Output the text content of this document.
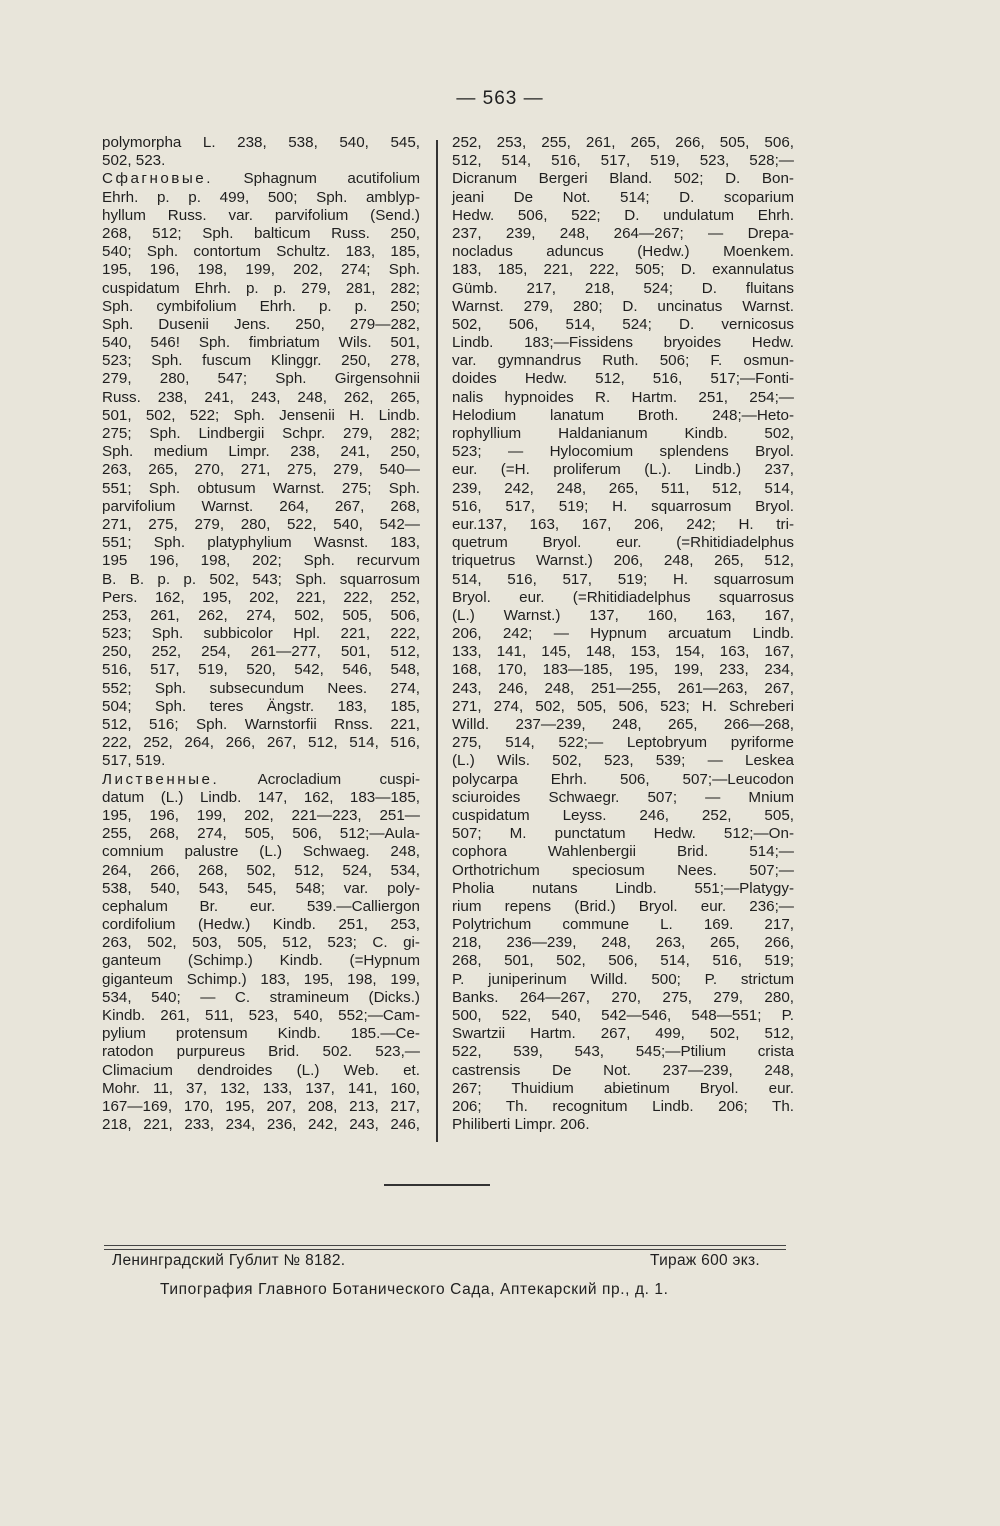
— 563 —
polymorpha L. 238, 538, 540, 545,
502, 523.
Сфагновые. Sphagnum acutifolium
Ehrh. p. p. 499, 500; Sph. amblyp-
hyllum Russ. var. parvifolium (Send.)
268, 512; Sph. balticum Russ. 250,
540; Sph. contortum Schultz. 183, 185,
195, 196, 198, 199, 202, 274; Sph.
cuspidatum Ehrh. p. p. 279, 281, 282;
Sph. cymbifolium Ehrh. p. p. 250;
Sph. Dusenii Jens. 250, 279—282,
540, 546! Sph. fimbriatum Wils. 501,
523; Sph. fuscum Klinggr. 250, 278,
279, 280, 547; Sph. Girgensohnii
Russ. 238, 241, 243, 248, 262, 265,
501, 502, 522; Sph. Jensenii H. Lindb.
275; Sph. Lindbergii Schpr. 279, 282;
Sph. medium Limpr. 238, 241, 250,
263, 265, 270, 271, 275, 279, 540—
551; Sph. obtusum Warnst. 275; Sph.
parvifolium Warnst. 264, 267, 268,
271, 275, 279, 280, 522, 540, 542—
551; Sph. platyphylium Wasnst. 183,
195 196, 198, 202; Sph. recurvum
B. B. p. p. 502, 543; Sph. squarrosum
Pers. 162, 195, 202, 221, 222, 252,
253, 261, 262, 274, 502, 505, 506,
523; Sph. subbicolor Hpl. 221, 222,
250, 252, 254, 261—277, 501, 512,
516, 517, 519, 520, 542, 546, 548,
552; Sph. subsecundum Nees. 274,
504; Sph. teres Ängstr. 183, 185,
512, 516; Sph. Warnstorfii Rnss. 221,
222, 252, 264, 266, 267, 512, 514, 516,
517, 519.
Лиственные. Acrocladium cuspi-
datum (L.) Lindb. 147, 162, 183—185,
195, 196, 199, 202, 221—223, 251—
255, 268, 274, 505, 506, 512;—Aula-
comnium palustre (L.) Schwaeg. 248,
264, 266, 268, 502, 512, 524, 534,
538, 540, 543, 545, 548; var. poly-
cephalum Br. eur. 539.—Calliergon
cordifolium (Hedw.) Kindb. 251, 253,
263, 502, 503, 505, 512, 523; C. gi-
ganteum (Schimp.) Kindb. (=Hypnum
giganteum Schimp.) 183, 195, 198, 199,
534, 540; — C. stramineum (Dicks.)
Kindb. 261, 511, 523, 540, 552;—Cam-
pylium protensum Kindb. 185.—Ce-
ratodon purpureus Brid. 502. 523,—
Climacium dendroides (L.) Web. et.
Mohr. 11, 37, 132, 133, 137, 141, 160,
167—169, 170, 195, 207, 208, 213, 217,
218, 221, 233, 234, 236, 242, 243, 246,
252, 253, 255, 261, 265, 266, 505, 506,
512, 514, 516, 517, 519, 523, 528;—
Dicranum Bergeri Bland. 502; D. Bon-
jeani De Not. 514; D. scoparium
Hedw. 506, 522; D. undulatum Ehrh.
237, 239, 248, 264—267; — Drepa-
nocladus aduncus (Hedw.) Moenkem.
183, 185, 221, 222, 505; D. exannulatus
Gümb. 217, 218, 524; D. fluitans
Warnst. 279, 280; D. uncinatus Warnst.
502, 506, 514, 524; D. vernicosus
Lindb. 183;—Fissidens bryoides Hedw.
var. gymnandrus Ruth. 506; F. osmun-
doides Hedw. 512, 516, 517;—Fonti-
nalis hypnoides R. Hartm. 251, 254;—
Helodium lanatum Broth. 248;—Heto-
rophyllium Haldanianum Kindb. 502,
523; — Hylocomium splendens Bryol.
eur. (=H. proliferum (L.). Lindb.) 237,
239, 242, 248, 265, 511, 512, 514,
516, 517, 519; H. squarrosum Bryol.
eur.137, 163, 167, 206, 242; H. tri-
quetrum Bryol. eur. (=Rhitidiadelphus
triquetrus Warnst.) 206, 248, 265, 512,
514, 516, 517, 519; H. squarrosum
Bryol. eur. (=Rhitidiadelphus squarrosus
(L.) Warnst.) 137, 160, 163, 167,
206, 242; — Hypnum arcuatum Lindb.
133, 141, 145, 148, 153, 154, 163, 167,
168, 170, 183—185, 195, 199, 233, 234,
243, 246, 248, 251—255, 261—263, 267,
271, 274, 502, 505, 506, 523; H. Schreberi
Willd. 237—239, 248, 265, 266—268,
275, 514, 522;— Leptobryum pyriforme
(L.) Wils. 502, 523, 539; — Leskea
polycarpa Ehrh. 506, 507;—Leucodon
sciuroides Schwaegr. 507; — Mnium
cuspidatum Leyss. 246, 252, 505,
507; M. punctatum Hedw. 512;—On-
cophora Wahlenbergii Brid. 514;—
Orthotrichum speciosum Nees. 507;—
Pholia nutans Lindb. 551;—Platygy-
rium repens (Brid.) Bryol. eur. 236;—
Polytrichum commune L. 169. 217,
218, 236—239, 248, 263, 265, 266,
268, 501, 502, 506, 514, 516, 519;
P. juniperinum Willd. 500; P. strictum
Banks. 264—267, 270, 275, 279, 280,
500, 522, 540, 542—546, 548—551; P.
Swartzii Hartm. 267, 499, 502, 512,
522, 539, 543, 545;—Ptilium crista
castrensis De Not. 237—239, 248,
267; Thuidium abietinum Bryol. eur.
206; Th. recognitum Lindb. 206; Th.
Philiberti Limpr. 206.
Ленинградский Гублит № 8182.	Тираж 600 экз.
Типография Главного Ботанического Сада, Аптекарский пр., д. 1.
